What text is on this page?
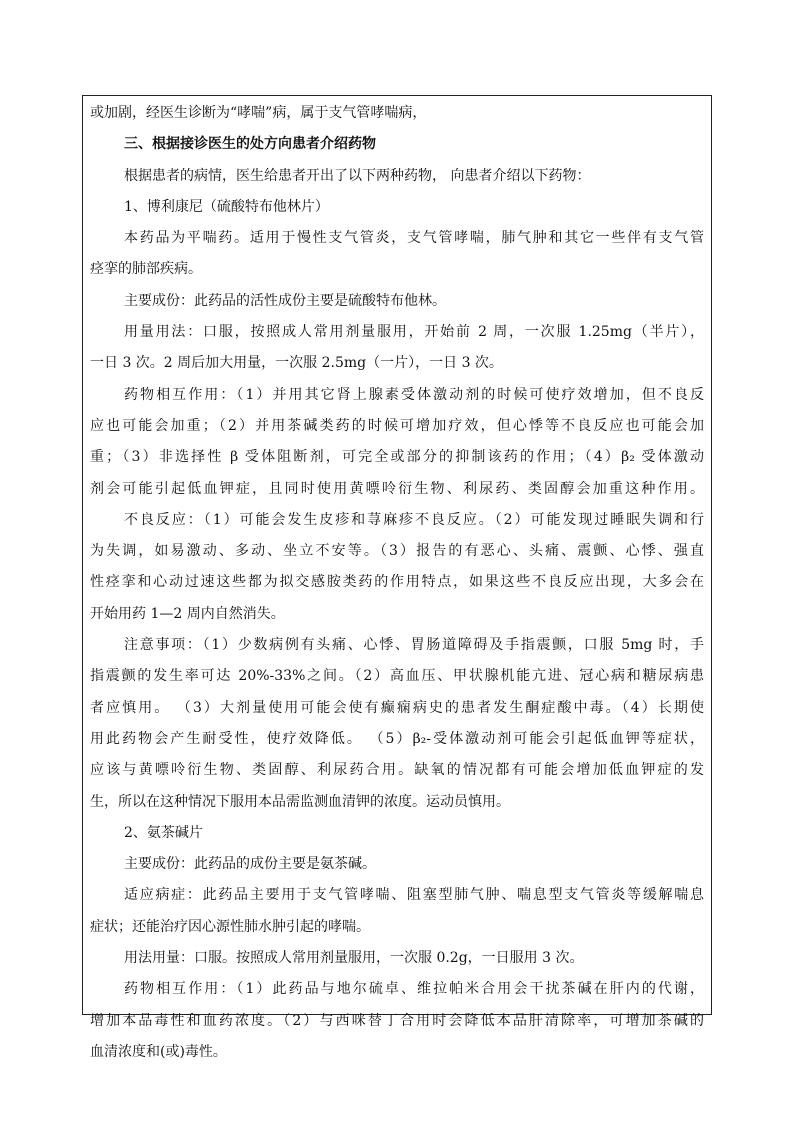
或加剧，经医生诊断为“哮喘”病，属于支气管哮喘病，
三、根据接诊医生的处方向患者介绍药物
根据患者的病情，医生给患者开出了以下两种药物， 向患者介绍以下药物：
1、博利康尼（硫酸特布他林片）
本药品为平喘药。适用于慢性支气管炎，支气管哮喘，肺气肿和其它一些伴有支气管
痉挛的肺部疾病。
主要成份：此药品的活性成份主要是硫酸特布他林。
用量用法：口服，按照成人常用剂量服用，开始前 2 周，一次服 1.25mg（半片），
一日 3 次。2 周后加大用量，一次服 2.5mg（一片），一日 3 次。
药物相互作用：（1）并用其它肾上腺素受体激动剂的时候可使疗效增加，但不良反
应也可能会加重；（2）并用茶碱类药的时候可增加疗效，但心悸等不良反应也可能会加
重；（3）非选择性 β 受体阻断剂，可完全或部分的抑制该药的作用；（4）β₂ 受体激动
剂会可能引起低血钾症，且同时使用黄嘌呤衍生物、利尿药、类固醇会加重这种作用。
不良反应：（1）可能会发生皮疹和荨麻疹不良反应。（2）可能发现过睡眠失调和行
为失调，如易激动、多动、坐立不安等。（3）报告的有恶心、头痛、震颤、心悸、强直
性痉挛和心动过速这些都为拟交感胺类药的作用特点，如果这些不良反应出现，大多会在
开始用药 1—2 周内自然消失。
注意事项：（1）少数病例有头痛、心悸、胃肠道障碍及手指震颤，口服 5mg 时，手
指震颤的发生率可达 20%-33%之间。（2）高血压、甲状腺机能亢进、冠心病和糖尿病患
者应慎用。 （3）大剂量使用可能会使有癫痫病史的患者发生酮症酸中毒。（4）长期使
用此药物会产生耐受性，使疗效降低。 （5）β₂-受体激动剂可能会引起低血钾等症状，
应该与黄嘌呤衍生物、类固醇、利尿药合用。缺氧的情况都有可能会增加低血钾症的发
生，所以在这种情况下服用本品需监测血清钾的浓度。运动员慎用。
2、氨茶碱片
主要成份：此药品的成份主要是氨茶碱。
适应病症：此药品主要用于支气管哮喘、阻塞型肺气肿、喘息型支气管炎等缓解喘息
症状；还能治疗因心源性肺水肿引起的哮喘。
用法用量：口服。按照成人常用剂量服用，一次服 0.2g，一日服用 3 次。
药物相互作用：（1）此药品与地尔硫卓、维拉帕米合用会干扰茶碱在肝内的代谢，
增加本品毒性和血药浓度。（2）与西咪替丁合用时会降低本品肝清除率，可增加茶碱的
血清浓度和(或)毒性。
